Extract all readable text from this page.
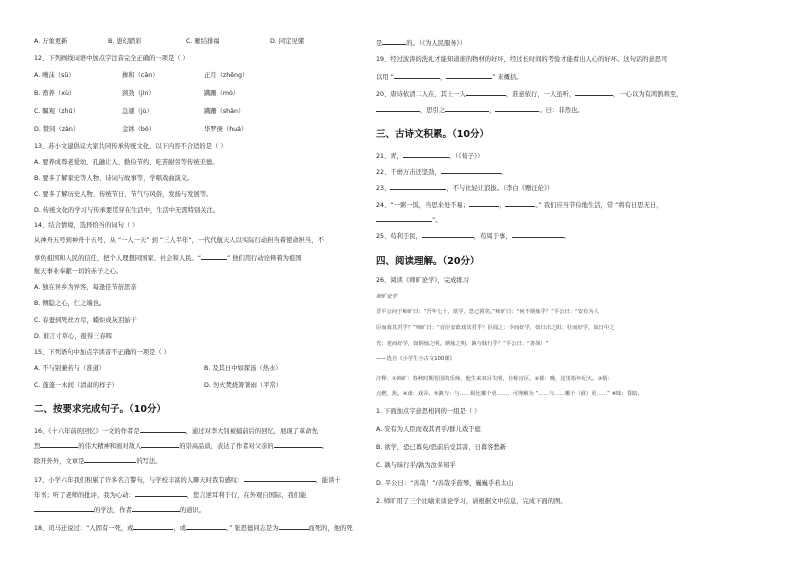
A. 万象更新	B. 愚幻踏彩	C. 雁结排福	D. 同定见懂
12、下列画线词语中加点字注音完全正确的一项是（ ）
A. 嘈沫（sū）	掺和（cān）	正月（zhēng）
B. 畜养（xù）	颈劲（jìn）	蹒跚（mò）
C. 瞩观（zhǔ）	急遽（jù）	蹒跚（shān）
D. 赞同（zàn）	金钵（bō）	华罗庚（huá）
13、苏小文建倡议大家共同传承传统文化，以下内容不合适的是（ ）
A. 要养成尊老爱幼、孔融让人、勤俭节约、吃苦耐劳等传统美德。
B. 要多了解家史等人物、诗词与故事等，学唱戏曲演义。
C. 要多了解历史人物、传统节日、节气与风俗，发扬与发展等。
D. 传统文化的学习与传承要贯穿在生活中，生活中无需特别关注。
14、结合情境，选择恰当的词句（ ）
从神舟五号到神舟十五号，从 “一人一天” 到 “三人半年”，一代代航天人以实际行动担当着使命担当，不
辜负祖国和人民的信任，把个人理想同国家、社会和人民。“	” 他们用行动诠释着为祖国
航天事业奉献一切的赤子之心。
A. 独在异乡为异客，每逢佳节倍思亲
B. 恻隐之心，仁之端也。
C. 春蚕到死丝方尽，蜡炬成灰泪始干
D. 谁言寸草心，报得三春晖
15、下列语句中加点字读音不正确的一项是（ ）
A. 不与别兼若与（准道）	B. 及其日中如探汤（热水）
C. 蓬蓬一木间（清肃的样子）	D. 勿火焚烧箸箸雨（平常）
二、按要求完成句子。（10分）
16、《十六年前的回忆》一文的作者是	，通过对李大钊被捕前后的回忆，展现了革命先
烈	的伟大精神和面对敌人	的崇高品质，表达了作者对父亲的	。
除开外外，文章是	的写法。
17、小学六年我们积累了许多名言警句，与学校丰富的人聊天时我有感叹：	，能读十
年书；听了老师的批评，我为心动：	，您言逆耳利于行，在外观自国际，我们能
的学法，作者	的道识。
18、司马迁说过：“人固有一死，或	，或	。” 张思德同志是为	而死的，他的死
是	的。（《为人民服务》）
19、经过波涛的洗礼才能知道谁的物材的好坏，经过长时间的考验才能看出人心的好坏。这句话的意思可
以用 “	，	” 来概括。
20、唐诗依清二人在，其上一人	，准意依行，一人虽听，	，一心以为有鸿鹄将至，
，思引之	，	。曰：非然也。
三、古诗文积累。（10分）
21、青，	。（《荀子》）
22、千磨万击还坚劲，	。
23、	，不与比轻让浪拔。（李白《赠汪伦》）
24、“一粥一饭，当思来处不易；	，	。” 我们应当节俭地生活，常 “将有日思无日，
”。
25、苟利于民，	，苟周于事，	。
四、阅读理解。（20分）
26、阅读《师旷论学》，完成练习
师旷论学
晋平公问于师旷曰：“吾年七十，欲学，恐已暮矣。”师旷曰：“何不炳烛乎？”平公曰：“安有为人
臣而戏其君乎？”师旷曰：“盲臣安敢戏其君乎？臣闻之：少而好学，如日出之阳；壮而好学，如日中之
光；老而好学，如炳烛之明。炳烛之明，孰与昧行乎？”平公曰：“善哉！”
——选自《小学生小古文100课》
注释：①师旷：春秋时期晋国的乐师，他生来双目失明，自称盲臣。②暮：晚，这里指年纪大。③炳：
点燃，焦。④戏：戏弄。⑤孰与：与……相比哪个更……，可理解为 “……与……哪个（谁）更……” ⑥昧：昏暗。
1. 下面加点字意思相同的一组是（ ）
A. 安有为人臣而戏其君乎/群儿戏于庭
B. 欲学，恐已暮矣/恐前后受其害，日暮客愁新
C. 孰与昧行乎/孰为汝多知乎
D. 平公曰：“善哉！”/善哉乎鼓琴，巍巍乎若太山
2. 师旷用了三个比喻来谈论学习，请根据文中信息，完成下面的图。
